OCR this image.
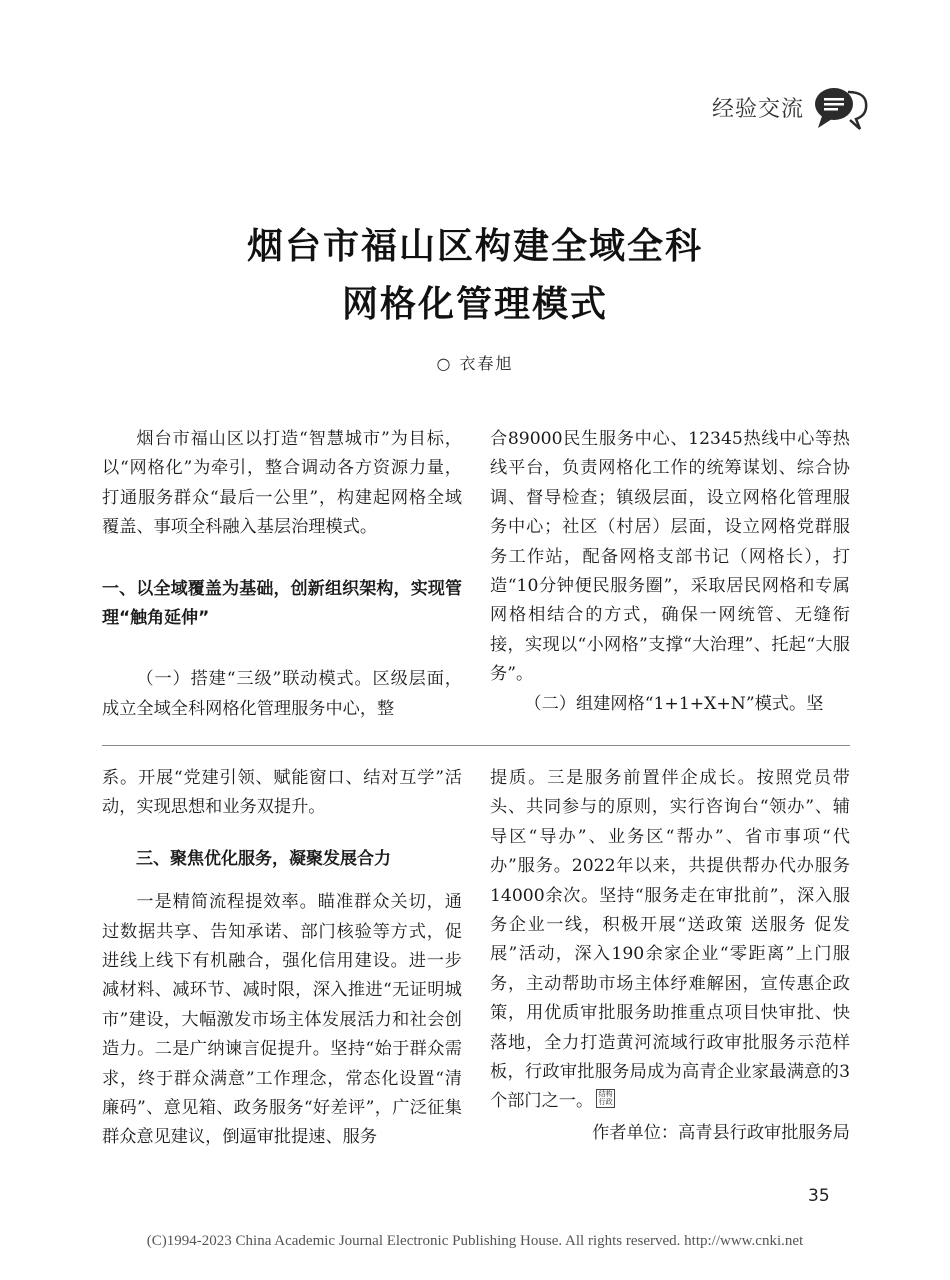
经验交流
烟台市福山区构建全域全科
网格化管理模式
○ 衣春旭

烟台市福山区以打造“智慧城市”为目标，以“网格化”为牵引，整合调动各方资源力量，打通服务群众“最后一公里”，构建起网格全域覆盖、事项全科融入基层治理模式。

一、以全域覆盖为基础，创新组织架构，实现管理“触角延伸”

（一）搭建“三级”联动模式。区级层面，成立全域全科网格化管理服务中心，整

合89000民生服务中心、12345热线中心等热线平台，负责网格化工作的统筹谋划、综合协调、督导检查；镇级层面，设立网格化管理服务中心；社区（村居）层面，设立网格党群服务工作站，配备网格支部书记（网格长），打造“10分钟便民服务圈”，采取居民网格和专属网格相结合的方式，确保一网统管、无缝衔接，实现以“小网格”支撑“大治理”、托起“大服务”。

（二）组建网格“1+1+X+N”模式。坚

系。开展“党建引领、赋能窗口、结对互学”活动，实现思想和业务双提升。

三、聚焦优化服务，凝聚发展合力

一是精简流程提效率。瞄准群众关切，通过数据共享、告知承诺、部门核验等方式，促进线上线下有机融合，强化信用建设。进一步减材料、减环节、减时限，深入推进“无证明城市”建设，大幅激发市场主体发展活力和社会创造力。二是广纳谏言促提升。坚持“始于群众需求，终于群众满意”工作理念，常态化设置“清廉码”、意见箱、政务服务“好差评”，广泛征集群众意见建议，倒逼审批提速、服务

提质。三是服务前置伴企成长。按照党员带头、共同参与的原则，实行咨询台“领办”、辅导区“导办”、业务区“帮办”、省市事项“代办”服务。2022年以来，共提供帮办代办服务14000余次。坚持“服务走在审批前”，深入服务企业一线，积极开展“送政策 送服务 促发展”活动，深入190余家企业“零距离”上门服务，主动帮助市场主体纾难解困，宣传惠企政策，用优质审批服务助推重点项目快审批、快落地，全力打造黄河流域行政审批服务示范样板，行政审批服务局成为高青企业家最满意的3个部门之一。 结构
行政

作者单位：高青县行政审批服务局

35
(C)1994-2023 China Academic Journal Electronic Publishing House. All rights reserved. http://www.cnki.net
